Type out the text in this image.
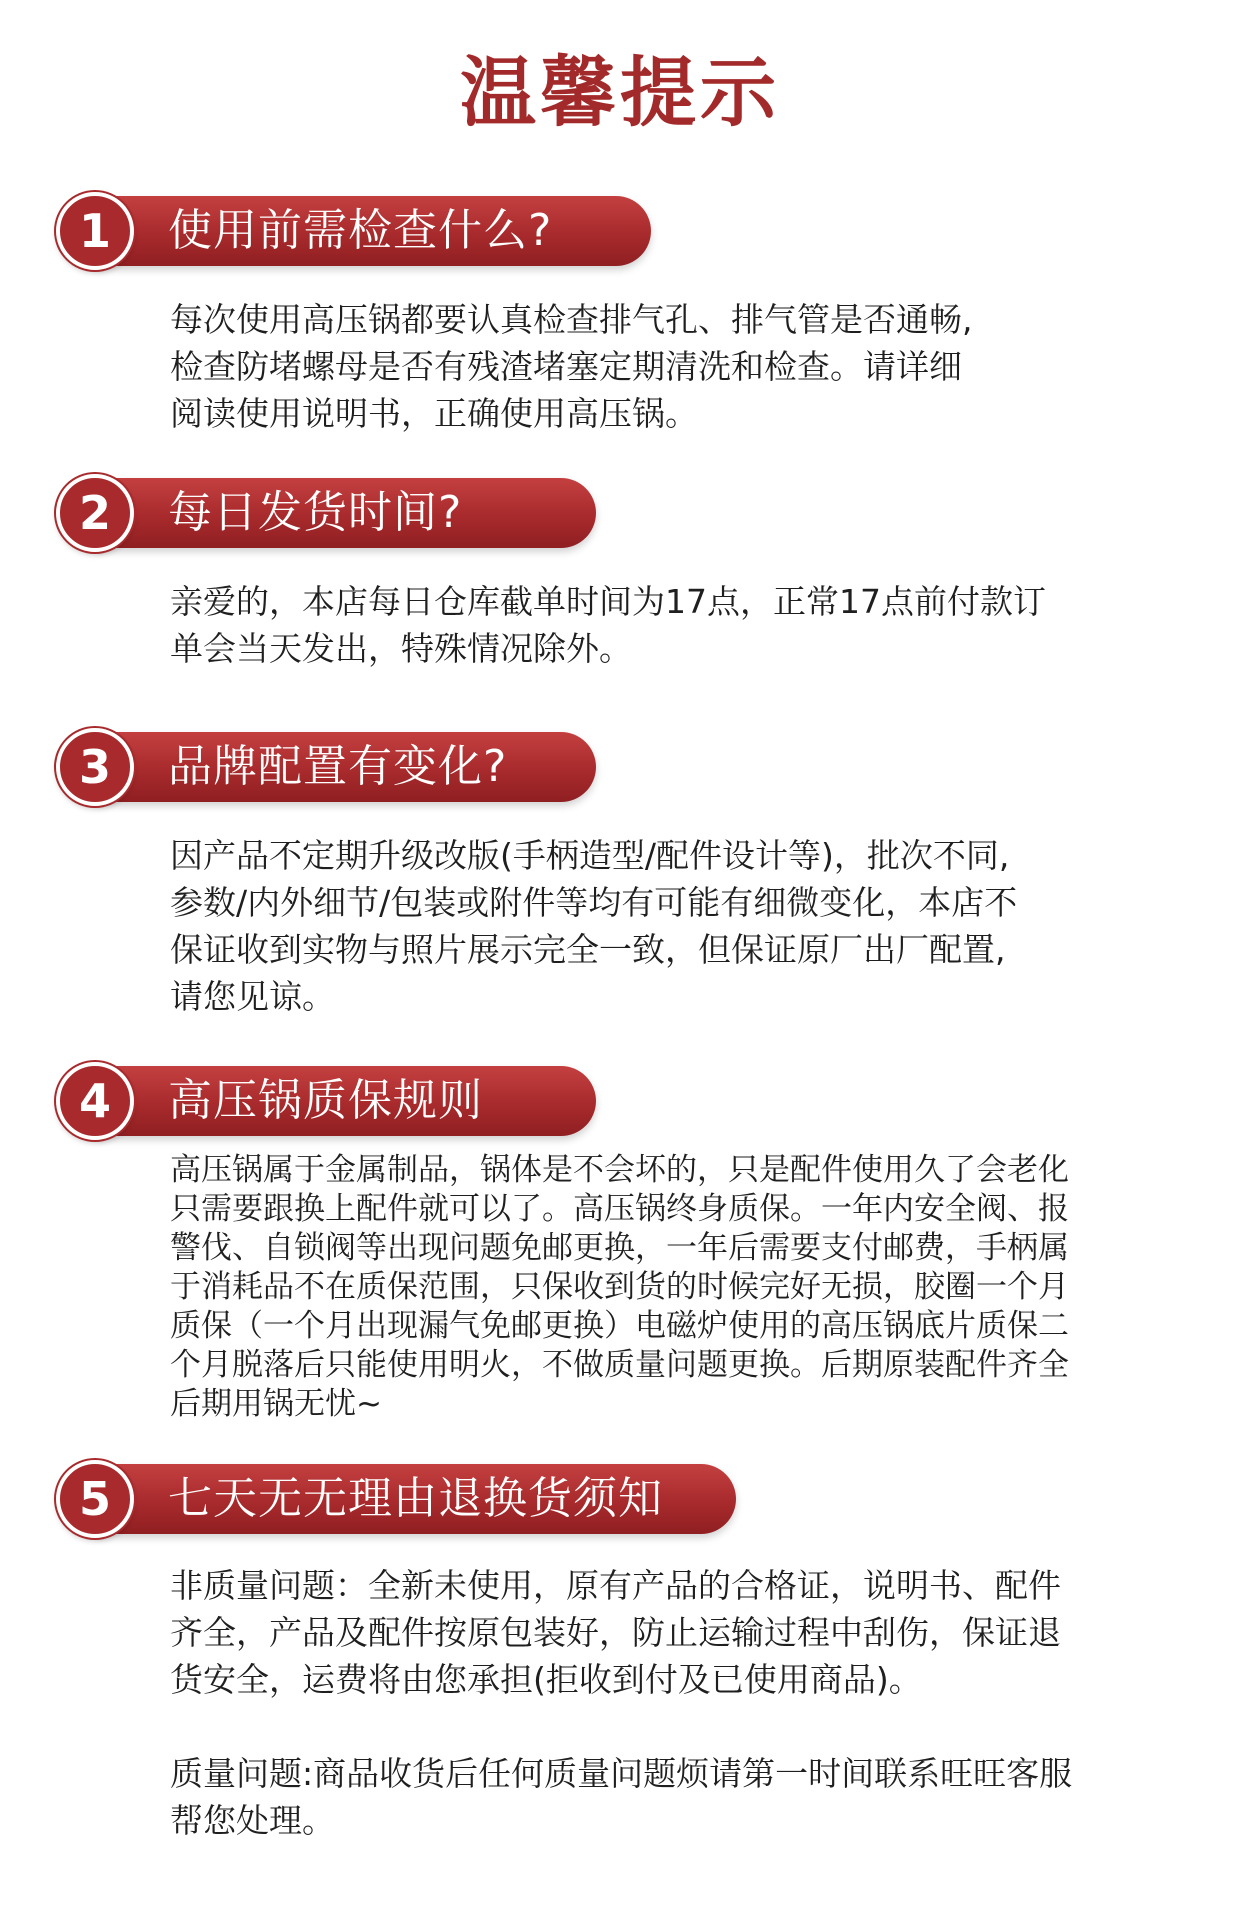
温馨提示
1	使用前需检查什么?
每次使用高压锅都要认真检查排气孔、排气管是否通畅,
检查防堵螺母是否有残渣堵塞定期清洗和检查。请详细
阅读使用说明书，正确使用高压锅。
2	每日发货时间?
亲爱的，本店每日仓库截单时间为17点，正常17点前付款订
单会当天发出，特殊情况除外。
3	品牌配置有变化?
因产品不定期升级改版(手柄造型/配件设计等)，批次不同,
参数/内外细节/包装或附件等均有可能有细微变化，本店不
保证收到实物与照片展示完全一致，但保证原厂出厂配置,
请您见谅。
4	高压锅质保规则
高压锅属于金属制品，锅体是不会坏的，只是配件使用久了会老化
只需要跟换上配件就可以了。高压锅终身质保。一年内安全阀、报
警伐、自锁阀等出现问题免邮更换，一年后需要支付邮费，手柄属
于消耗品不在质保范围，只保收到货的时候完好无损，胶圈一个月
质保（一个月出现漏气免邮更换）电磁炉使用的高压锅底片质保二
个月脱落后只能使用明火，不做质量问题更换。后期原装配件齐全
后期用锅无忧~
5	七天无无理由退换货须知
非质量问题：全新未使用，原有产品的合格证，说明书、配件
齐全，产品及配件按原包装好，防止运输过程中刮伤，保证退
货安全，运费将由您承担(拒收到付及已使用商品)。
质量问题:商品收货后任何质量问题烦请第一时间联系旺旺客服
帮您处理。
